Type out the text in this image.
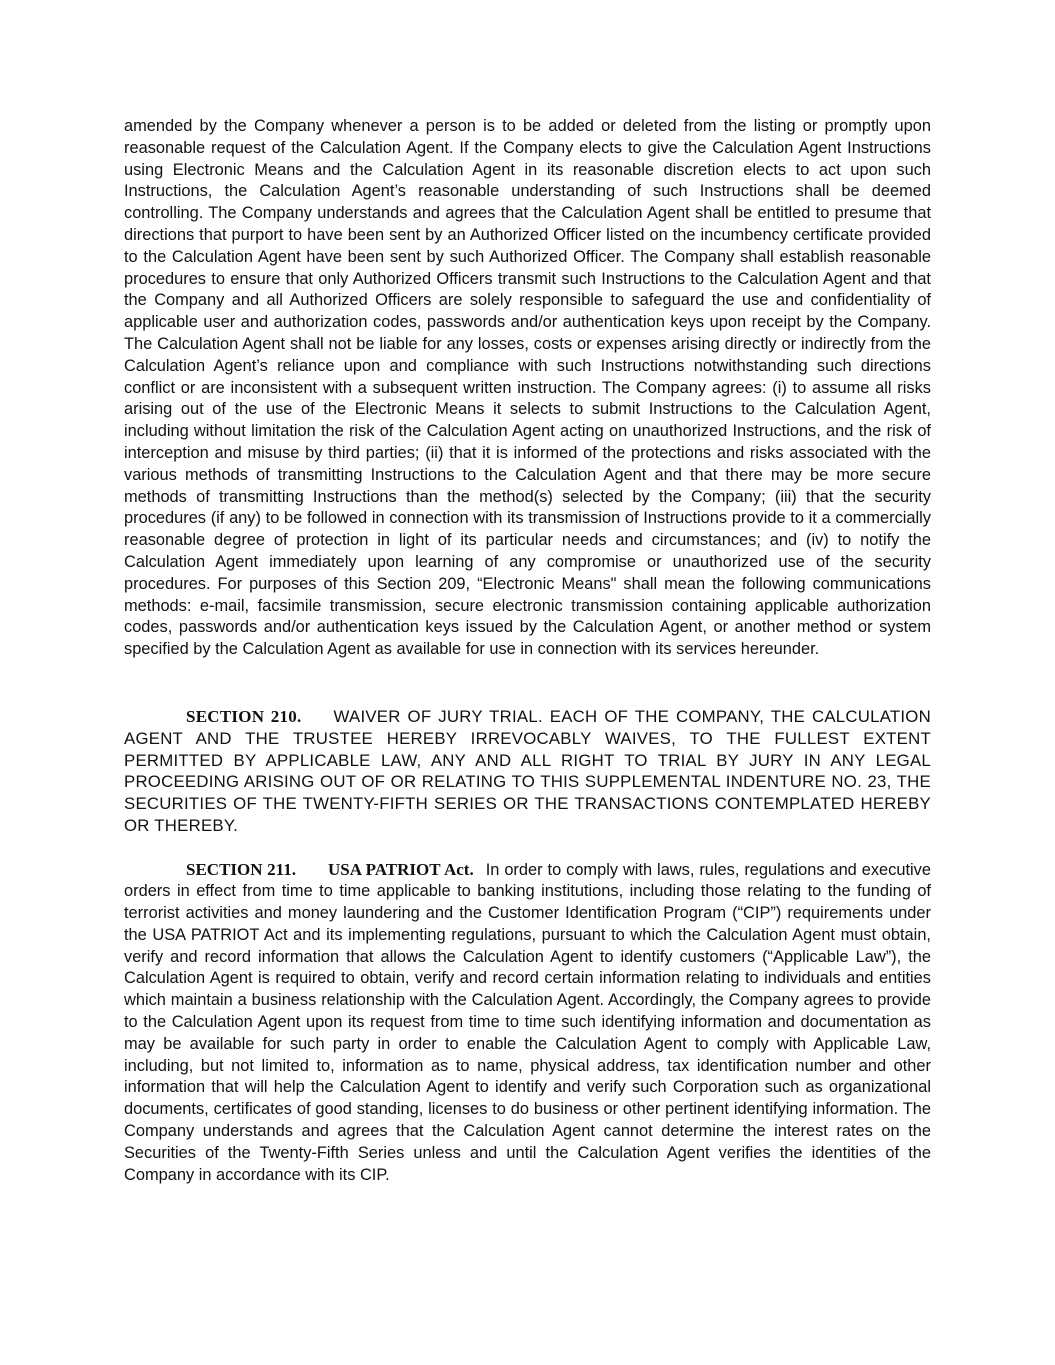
amended by the Company whenever a person is to be added or deleted from the listing or promptly upon reasonable request of the Calculation Agent. If the Company elects to give the Calculation Agent Instructions using Electronic Means and the Calculation Agent in its reasonable discretion elects to act upon such Instructions, the Calculation Agent’s reasonable understanding of such Instructions shall be deemed controlling. The Company understands and agrees that the Calculation Agent shall be entitled to presume that directions that purport to have been sent by an Authorized Officer listed on the incumbency certificate provided to the Calculation Agent have been sent by such Authorized Officer. The Company shall establish reasonable procedures to ensure that only Authorized Officers transmit such Instructions to the Calculation Agent and that the Company and all Authorized Officers are solely responsible to safeguard the use and confidentiality of applicable user and authorization codes, passwords and/or authentication keys upon receipt by the Company. The Calculation Agent shall not be liable for any losses, costs or expenses arising directly or indirectly from the Calculation Agent’s reliance upon and compliance with such Instructions notwithstanding such directions conflict or are inconsistent with a subsequent written instruction. The Company agrees: (i) to assume all risks arising out of the use of the Electronic Means it selects to submit Instructions to the Calculation Agent, including without limitation the risk of the Calculation Agent acting on unauthorized Instructions, and the risk of interception and misuse by third parties; (ii) that it is informed of the protections and risks associated with the various methods of transmitting Instructions to the Calculation Agent and that there may be more secure methods of transmitting Instructions than the method(s) selected by the Company; (iii) that the security procedures (if any) to be followed in connection with its transmission of Instructions provide to it a commercially reasonable degree of protection in light of its particular needs and circumstances; and (iv) to notify the Calculation Agent immediately upon learning of any compromise or unauthorized use of the security procedures. For purposes of this Section 209, “Electronic Means" shall mean the following communications methods: e-mail, facsimile transmission, secure electronic transmission containing applicable authorization codes, passwords and/or authentication keys issued by the Calculation Agent, or another method or system specified by the Calculation Agent as available for use in connection with its services hereunder.

SECTION 210. WAIVER OF JURY TRIAL. EACH OF THE COMPANY, THE CALCULATION AGENT AND THE TRUSTEE HEREBY IRREVOCABLY WAIVES, TO THE FULLEST EXTENT PERMITTED BY APPLICABLE LAW, ANY AND ALL RIGHT TO TRIAL BY JURY IN ANY LEGAL PROCEEDING ARISING OUT OF OR RELATING TO THIS SUPPLEMENTAL INDENTURE NO. 23, THE SECURITIES OF THE TWENTY-FIFTH SERIES OR THE TRANSACTIONS CONTEMPLATED HEREBY OR THEREBY.

SECTION 211. USA PATRIOT Act. In order to comply with laws, rules, regulations and executive orders in effect from time to time applicable to banking institutions, including those relating to the funding of terrorist activities and money laundering and the Customer Identification Program (“CIP”) requirements under the USA PATRIOT Act and its implementing regulations, pursuant to which the Calculation Agent must obtain, verify and record information that allows the Calculation Agent to identify customers (“Applicable Law”), the Calculation Agent is required to obtain, verify and record certain information relating to individuals and entities which maintain a business relationship with the Calculation Agent. Accordingly, the Company agrees to provide to the Calculation Agent upon its request from time to time such identifying information and documentation as may be available for such party in order to enable the Calculation Agent to comply with Applicable Law, including, but not limited to, information as to name, physical address, tax identification number and other information that will help the Calculation Agent to identify and verify such Corporation such as organizational documents, certificates of good standing, licenses to do business or other pertinent identifying information. The Company understands and agrees that the Calculation Agent cannot determine the interest rates on the Securities of the Twenty-Fifth Series unless and until the Calculation Agent verifies the identities of the Company in accordance with its CIP.
